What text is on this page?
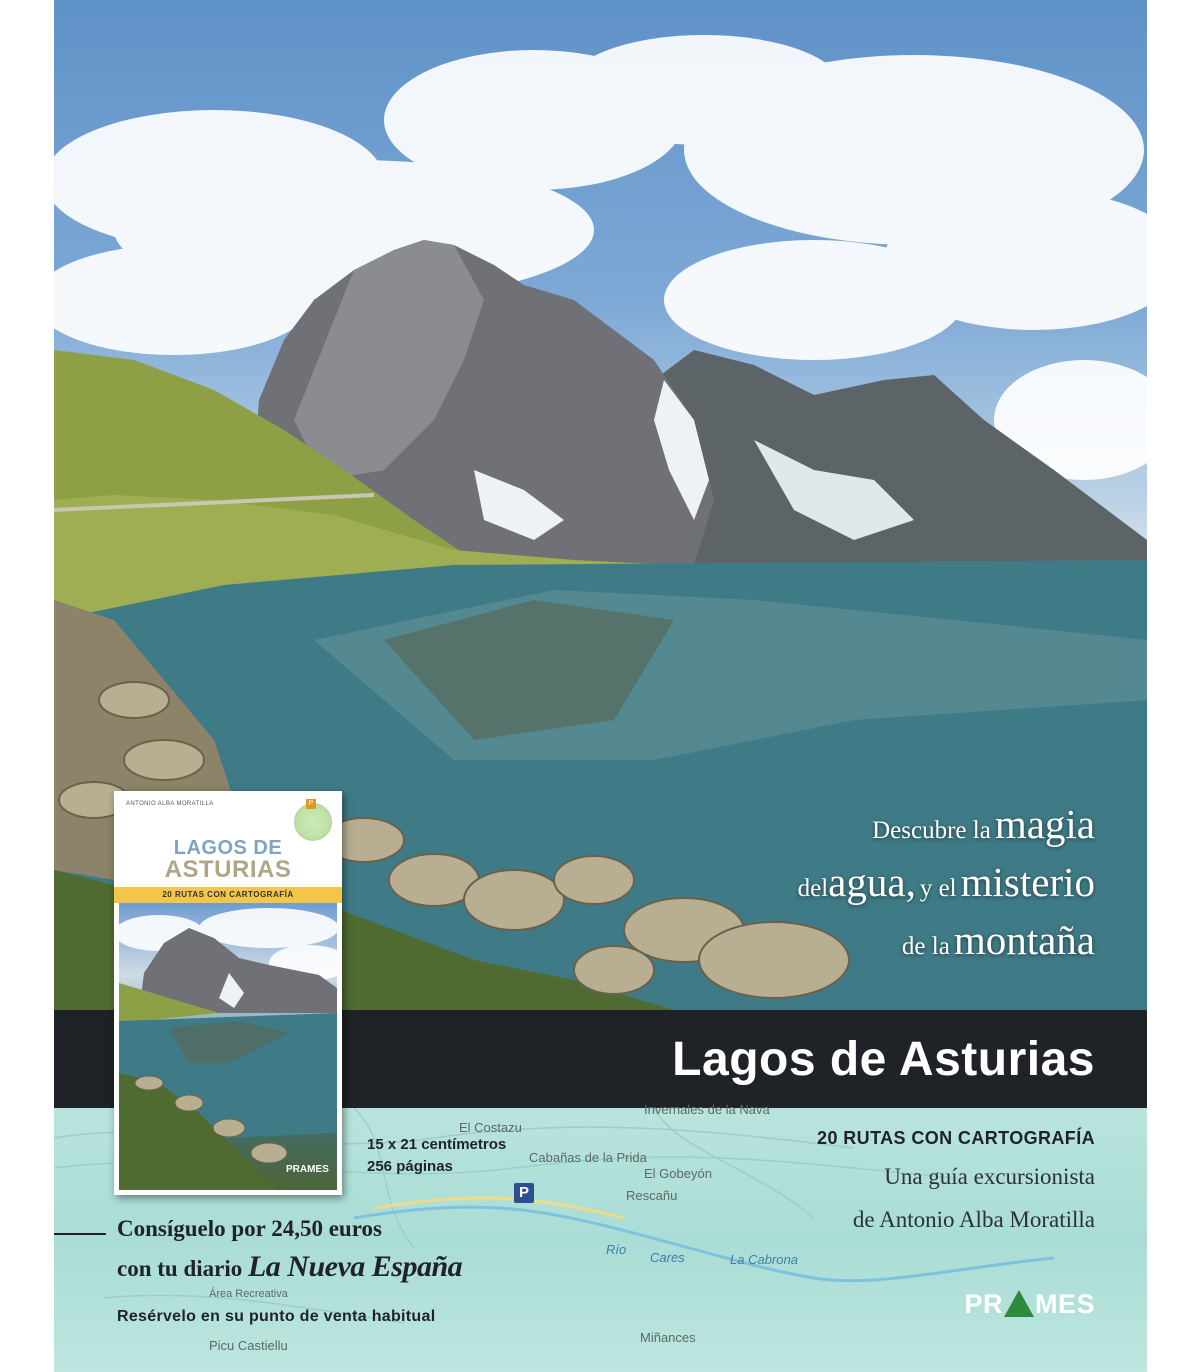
Descubre la magia
delagua, y el misterio
de la montaña
Lagos de Asturias
El Costazu
Invernales de la Nava
Cabañas de la Prida
El Gobeyón
Rescañu
Río
Cares	La Cabrona
Área Recreativa
Picu Castiellu
Miñances
P
15 x 21 centímetros
256 páginas
20 RUTAS CON CARTOGRAFÍA
Una guía excursionista
de Antonio Alba Moratilla
Consíguelo por 24,50 euros
con tu diario La Nueva España
Resérvelo en su punto de venta habitual	PR MES
ANTONIO ALBA MORATILLA	P
LAGOS DE
ASTURIAS
20 RUTAS CON CARTOGRAFÍA
PRAMES
